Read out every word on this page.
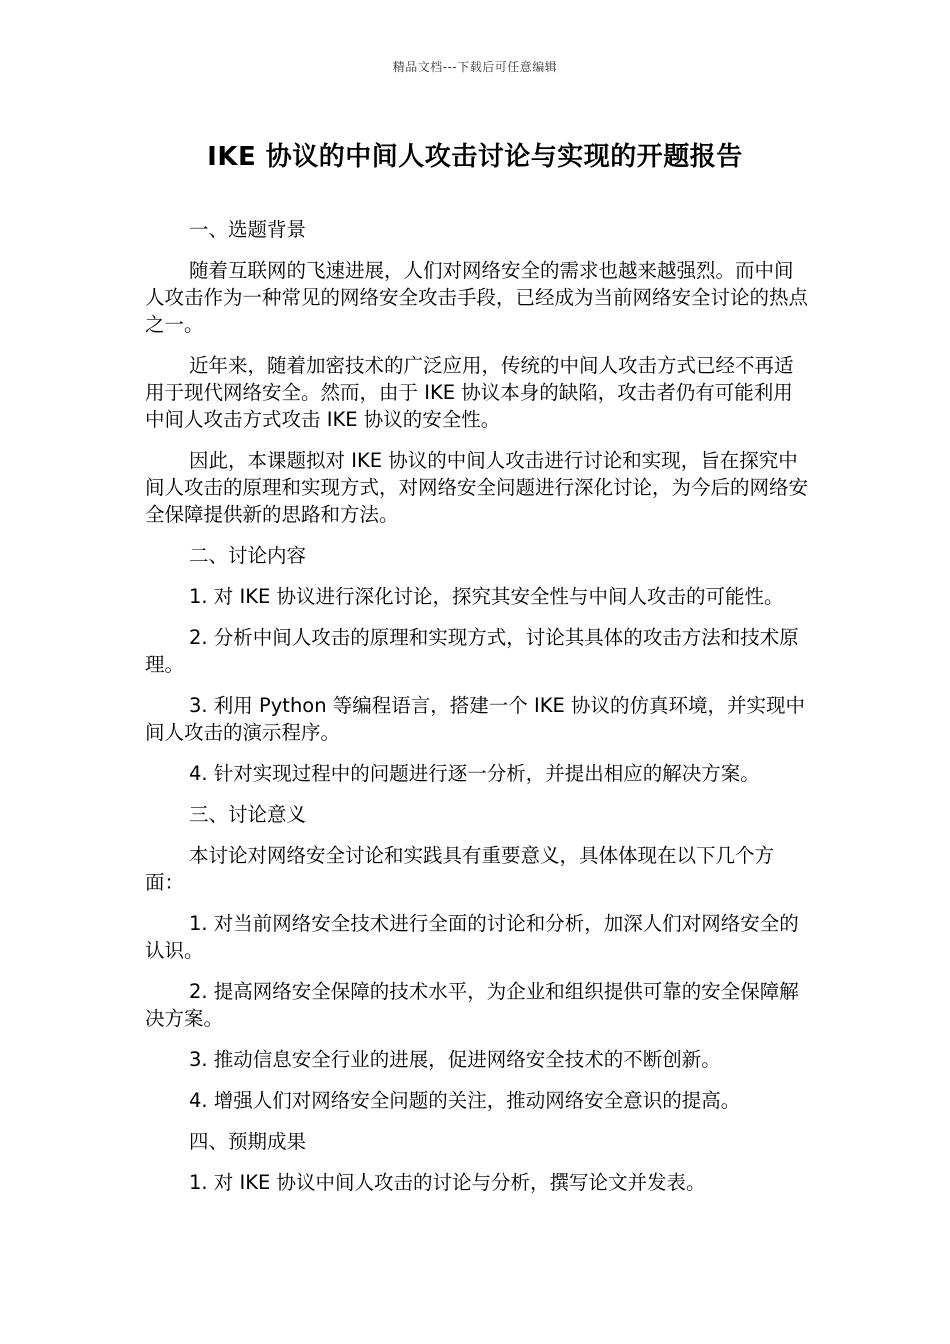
精品文档---下载后可任意编辑
IKE 协议的中间人攻击讨论与实现的开题报告

一、选题背景

随着互联网的飞速进展，人们对网络安全的需求也越来越强烈。而中间人攻击作为一种常见的网络安全攻击手段，已经成为当前网络安全讨论的热点之一。

近年来，随着加密技术的广泛应用，传统的中间人攻击方式已经不再适用于现代网络安全。然而，由于 IKE 协议本身的缺陷，攻击者仍有可能利用中间人攻击方式攻击 IKE 协议的安全性。

因此，本课题拟对 IKE 协议的中间人攻击进行讨论和实现，旨在探究中间人攻击的原理和实现方式，对网络安全问题进行深化讨论，为今后的网络安全保障提供新的思路和方法。

二、讨论内容

1. 对 IKE 协议进行深化讨论，探究其安全性与中间人攻击的可能性。

2. 分析中间人攻击的原理和实现方式，讨论其具体的攻击方法和技术原理。

3. 利用 Python 等编程语言，搭建一个 IKE 协议的仿真环境，并实现中间人攻击的演示程序。

4. 针对实现过程中的问题进行逐一分析，并提出相应的解决方案。

三、讨论意义

本讨论对网络安全讨论和实践具有重要意义，具体体现在以下几个方面：

1. 对当前网络安全技术进行全面的讨论和分析，加深人们对网络安全的认识。

2. 提高网络安全保障的技术水平，为企业和组织提供可靠的安全保障解决方案。

3. 推动信息安全行业的进展，促进网络安全技术的不断创新。

4. 增强人们对网络安全问题的关注，推动网络安全意识的提高。

四、预期成果

1. 对 IKE 协议中间人攻击的讨论与分析，撰写论文并发表。
